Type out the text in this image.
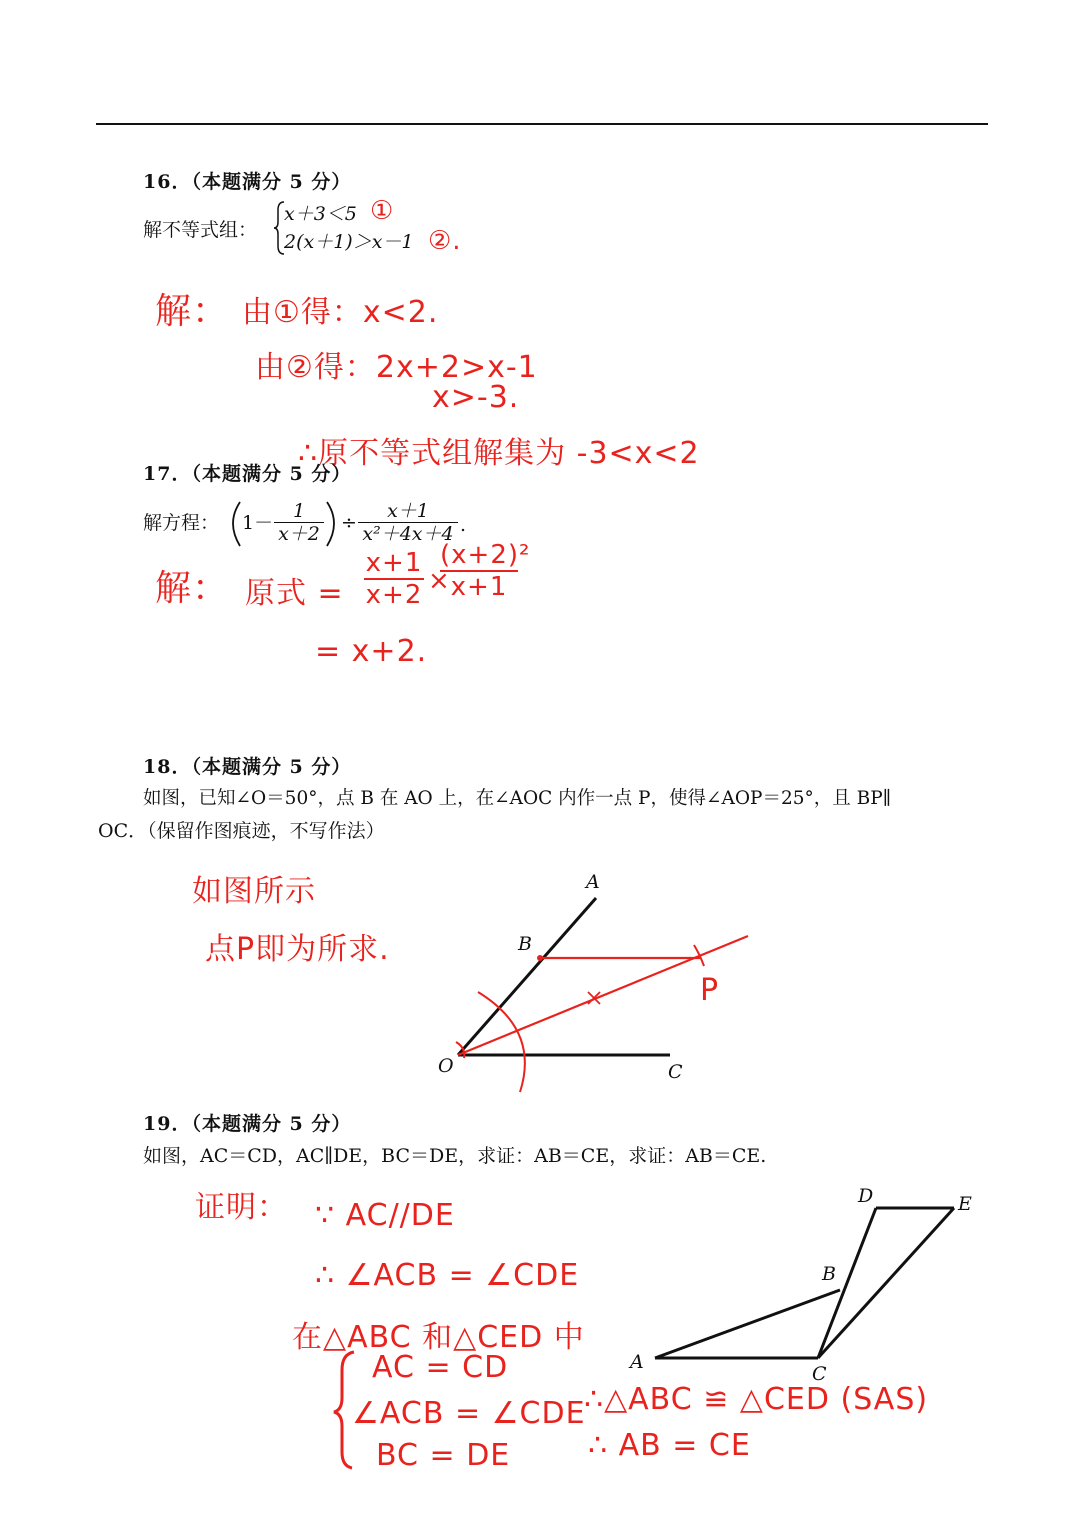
16．（本题满分 5 分）
解不等式组：
x＋3＜5
2(x＋1)＞x－1
①
②.
解： 由①得：x<2.
由②得：2x+2>x-1
x>-3.
∴原不等式组解集为 -3<x<2
17．（本题满分 5 分）
解方程： $1- \frac{1}{x+2} \div \frac{x+1}{\text{x²＋4x＋4}}$ .
解： 原式 = $\frac{x+1}{x+2}$ ×
$\frac{\text{(x+2)²}}{x+1}$
= x+2.
18．（本题满分 5 分）
如图，已知∠O＝50°，点 B 在 AO 上，在∠AOC 内作一点 P，使得∠AOP＝25°，且 BP∥
OC．（保留作图痕迹，不写作法）
如图所示
点P即为所求.
A
B
O	C
P
19．（本题满分 5 分）
如图，AC＝CD，AC∥DE，BC＝DE，求证：AB＝CE，求证：AB＝CE.
证明： ∵ AC//DE
∴ ∠ACB = ∠CDE
在△ABC 和△CED 中
AC = CD
∠ACB = ∠CDE
BC = DE
∴△ABC ≌ △CED (SAS)
∴ AB = CE
A
B
C
D	E
